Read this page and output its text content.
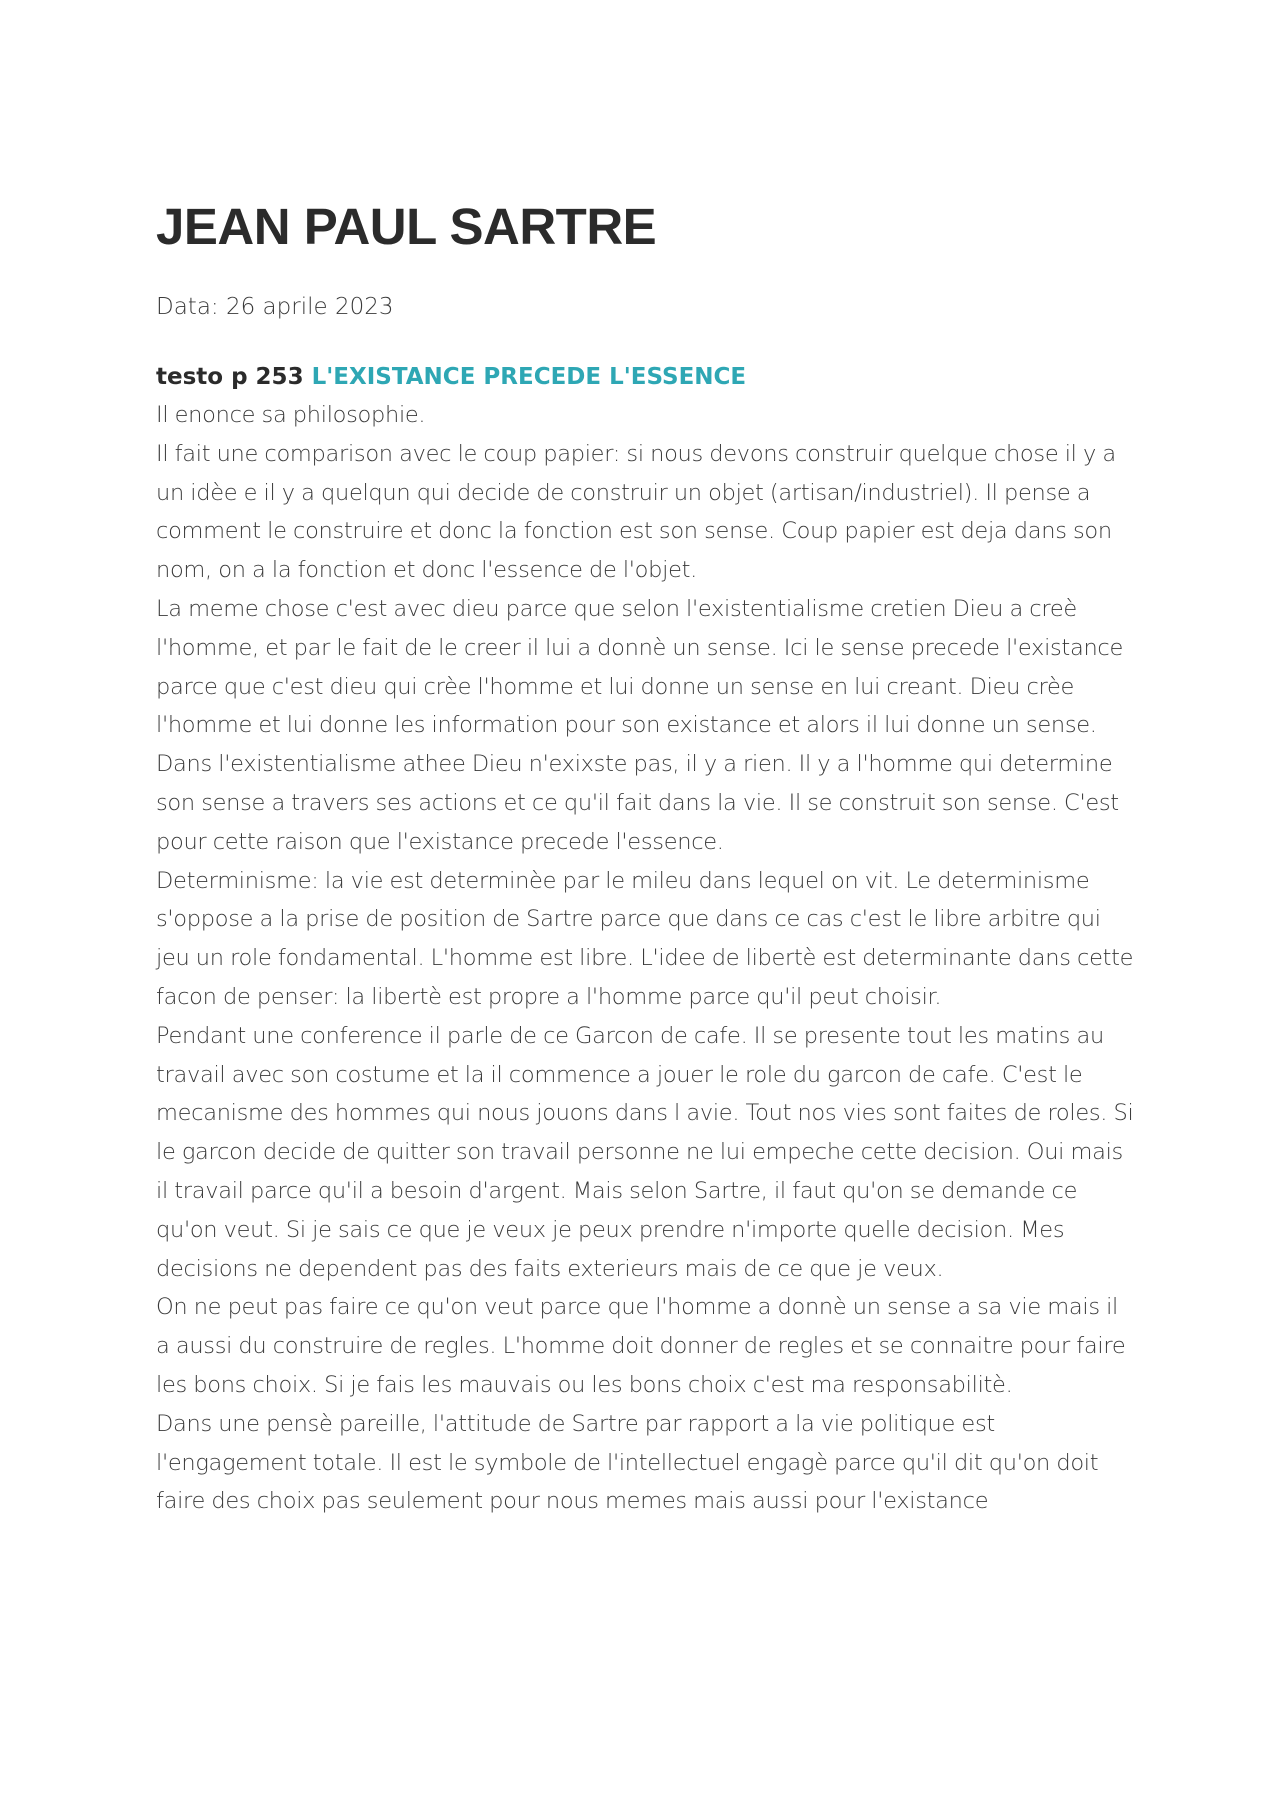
JEAN PAUL SARTRE

Data: 26 aprile 2023

testo p 253 L'EXISTANCE PRECEDE L'ESSENCE

Il enonce sa philosophie.

Il fait une comparison avec le coup papier: si nous devons construir quelque chose il y a un idèe e il y a quelqun qui decide de construir un objet (artisan/industriel). Il pense a comment le construire et donc la fonction est son sense. Coup papier est deja dans son nom, on a la fonction et donc l'essence de l'objet.

La meme chose c'est avec dieu parce que selon l'existentialisme cretien Dieu a creè l'homme, et par le fait de le creer il lui a donnè un sense. Ici le sense precede l'existance parce que c'est dieu qui crèe l'homme et lui donne un sense en lui creant. Dieu crèe l'homme et lui donne les information pour son existance et alors il lui donne un sense.

Dans l'existentialisme athee Dieu n'exixste pas, il y a rien. Il y a l'homme qui determine son sense a travers ses actions et ce qu'il fait dans la vie. Il se construit son sense. C'est pour cette raison que l'existance precede l'essence.

Determinisme: la vie est determinèe par le mileu dans lequel on vit. Le determinisme s'oppose a la prise de position de Sartre parce que dans ce cas c'est le libre arbitre qui jeu un role fondamental. L'homme est libre. L'idee de libertè est determinante dans cette facon de penser: la libertè est propre a l'homme parce qu'il peut choisir.

Pendant une conference il parle de ce Garcon de cafe. Il se presente tout les matins au travail avec son costume et la il commence a jouer le role du garcon de cafe. C'est le mecanisme des hommes qui nous jouons dans l avie. Tout nos vies sont faites de roles. Si le garcon decide de quitter son travail personne ne lui empeche cette decision. Oui mais il travail parce qu'il a besoin d'argent. Mais selon Sartre, il faut qu'on se demande ce qu'on veut. Si je sais ce que je veux je peux prendre n'importe quelle decision. Mes decisions ne dependent pas des faits exterieurs mais de ce que je veux.

On ne peut pas faire ce qu'on veut parce que l'homme a donnè un sense a sa vie mais il a aussi du construire de regles. L'homme doit donner de regles et se connaitre pour faire les bons choix. Si je fais les mauvais ou les bons choix c'est ma responsabilitè.

Dans une pensè pareille, l'attitude de Sartre par rapport a la vie politique est l'engagement totale. Il est le symbole de l'intellectuel engagè parce qu'il dit qu'on doit faire des choix pas seulement pour nous memes mais aussi pour l'existance
